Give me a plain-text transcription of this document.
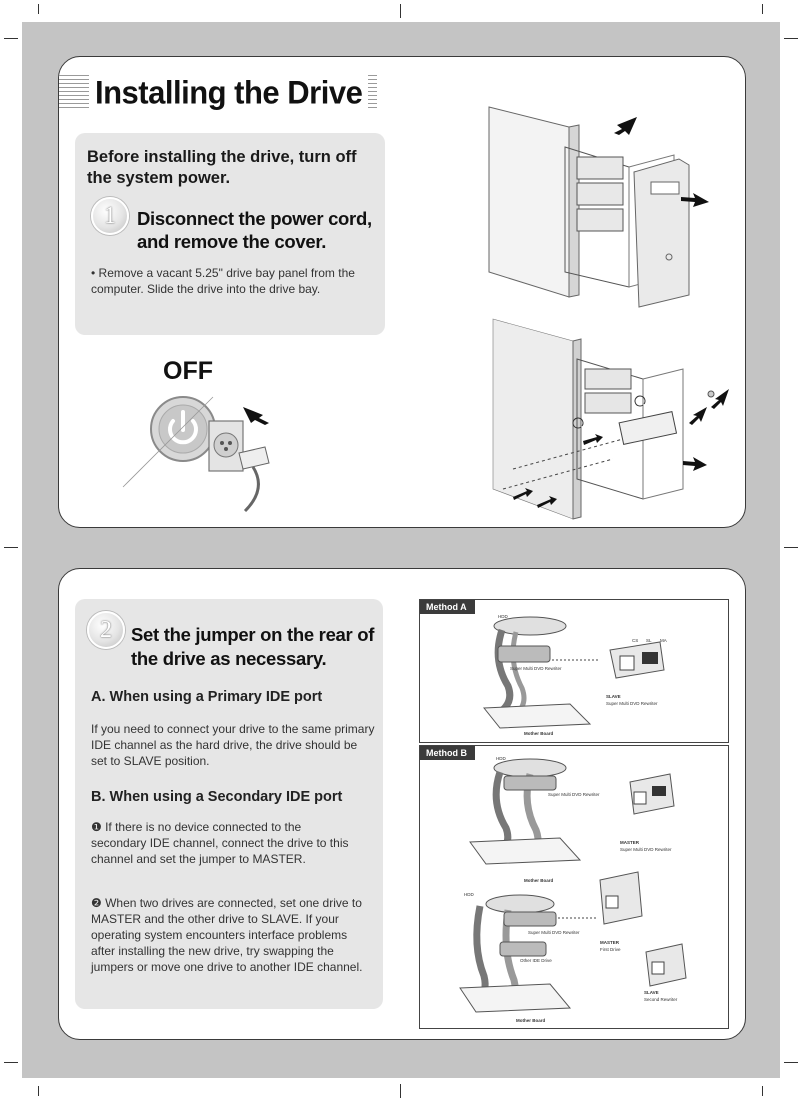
Installing the Drive
Before installing the drive, turn off the system power.
1	Disconnect the power cord,
and remove the cover.
• Remove a vacant 5.25" drive bay panel from the computer. Slide the drive into the drive bay.
OFF
2	Set the jumper on the rear of
the drive as necessary.
A. When using a Primary IDE port
If you need to connect your drive to the same primary IDE channel as the hard drive, the drive should be set to SLAVE position.
B. When using a Secondary IDE port
❶ If there is no device connected to the secondary IDE channel, connect the drive to this channel and set the jumper to MASTER.
❷ When two drives are connected, set one drive to MASTER and the other drive to SLAVE. If your operating system encounters interface problems after installing the new drive, try swapping the jumpers or move one drive to another IDE channel.
Method A
HDD
Super Multi DVD Rewriter
CS SL MA
SLAVE
Super Multi DVD Rewriter
Mother Board
Method B
HDD
Super Multi DVD Rewriter
MASTER
Super Multi DVD Rewriter
Mother Board
HDD
Super Multi DVD Rewriter
Other IDE Drive
MASTER
First Drive
SLAVE
Second Rewriter
Mother Board
